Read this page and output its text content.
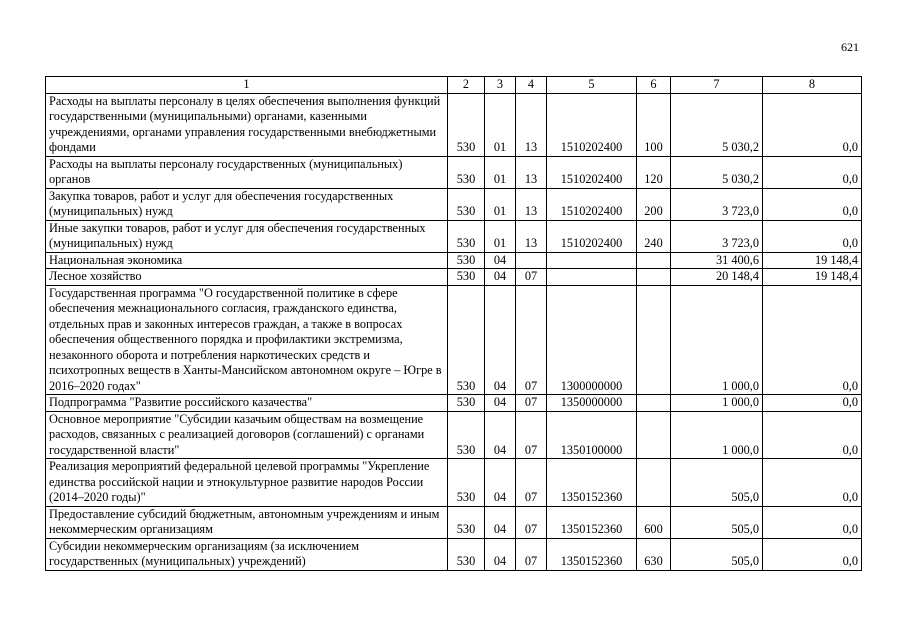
621
1	2	3	4	5	6	7	8
Расходы на выплаты персоналу в целях обеспечения выполнения функций государственными (муниципальными) органами, казенными учреждениями, органами управления государственными внебюджетными фондами	530	01	13	1510202400	100	5 030,2	0,0
Расходы на выплаты персоналу государственных (муниципальных) органов	530	01	13	1510202400	120	5 030,2	0,0
Закупка товаров, работ и услуг для обеспечения государственных (муниципальных) нужд	530	01	13	1510202400	200	3 723,0	0,0
Иные закупки товаров, работ и услуг для обеспечения государственных (муниципальных) нужд	530	01	13	1510202400	240	3 723,0	0,0
Национальная экономика	530	04				31 400,6	19 148,4
Лесное хозяйство	530	04	07			20 148,4	19 148,4
Государственная программа "О государственной политике в сфере обеспечения межнационального согласия, гражданского единства, отдельных прав и законных интересов граждан, а также в вопросах обеспечения общественного порядка и профилактики экстремизма, незаконного оборота и потребления наркотических средств и психотропных веществ в Ханты-Мансийском автономном округе – Югре в 2016–2020 годах"	530	04	07	1300000000		1 000,0	0,0
Подпрограмма "Развитие российского казачества"	530	04	07	1350000000		1 000,0	0,0
Основное мероприятие "Субсидии казачьим обществам на возмещение расходов, связанных с реализацией договоров (соглашений) с органами государственной власти"	530	04	07	1350100000		1 000,0	0,0
Реализация мероприятий федеральной целевой программы "Укрепление единства российской нации и этнокультурное развитие народов России (2014–2020 годы)"	530	04	07	1350152360		505,0	0,0
Предоставление субсидий бюджетным, автономным учреждениям и иным некоммерческим организациям	530	04	07	1350152360	600	505,0	0,0
Субсидии некоммерческим организациям (за исключением государственных (муниципальных) учреждений)	530	04	07	1350152360	630	505,0	0,0
